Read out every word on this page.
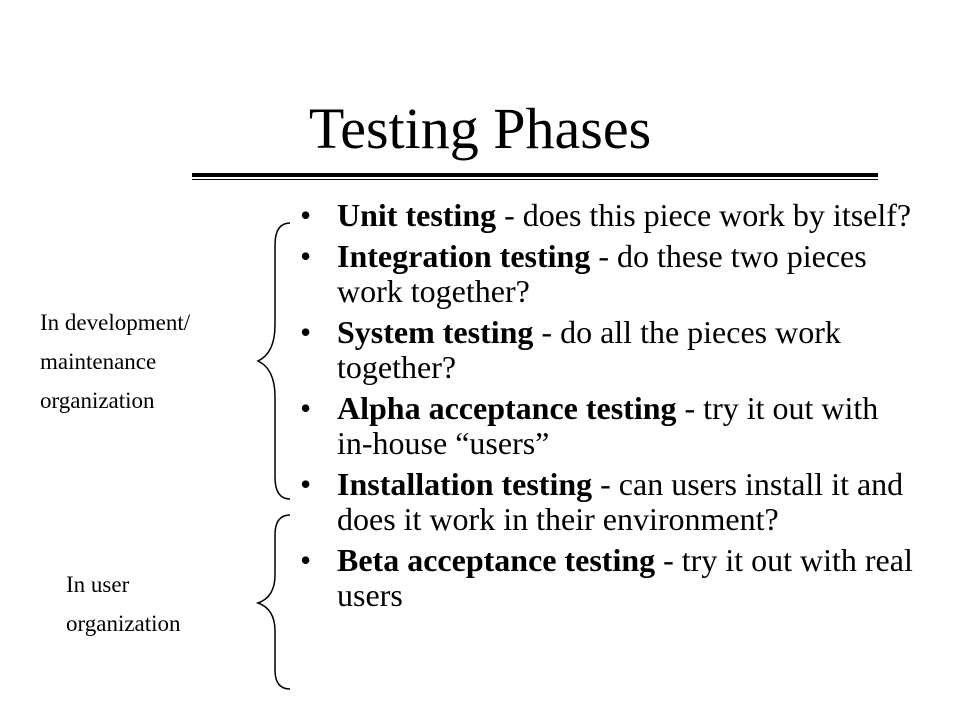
Testing Phases
In development/
maintenance
organization
In user
organization
• Unit testing - does this piece work by itself?
• Integration testing - do these two pieces work together?
• System testing - do all the pieces work together?
• Alpha acceptance testing - try it out with in-house “users”
• Installation testing - can users install it and does it work in their environment?
• Beta acceptance testing - try it out with real users
